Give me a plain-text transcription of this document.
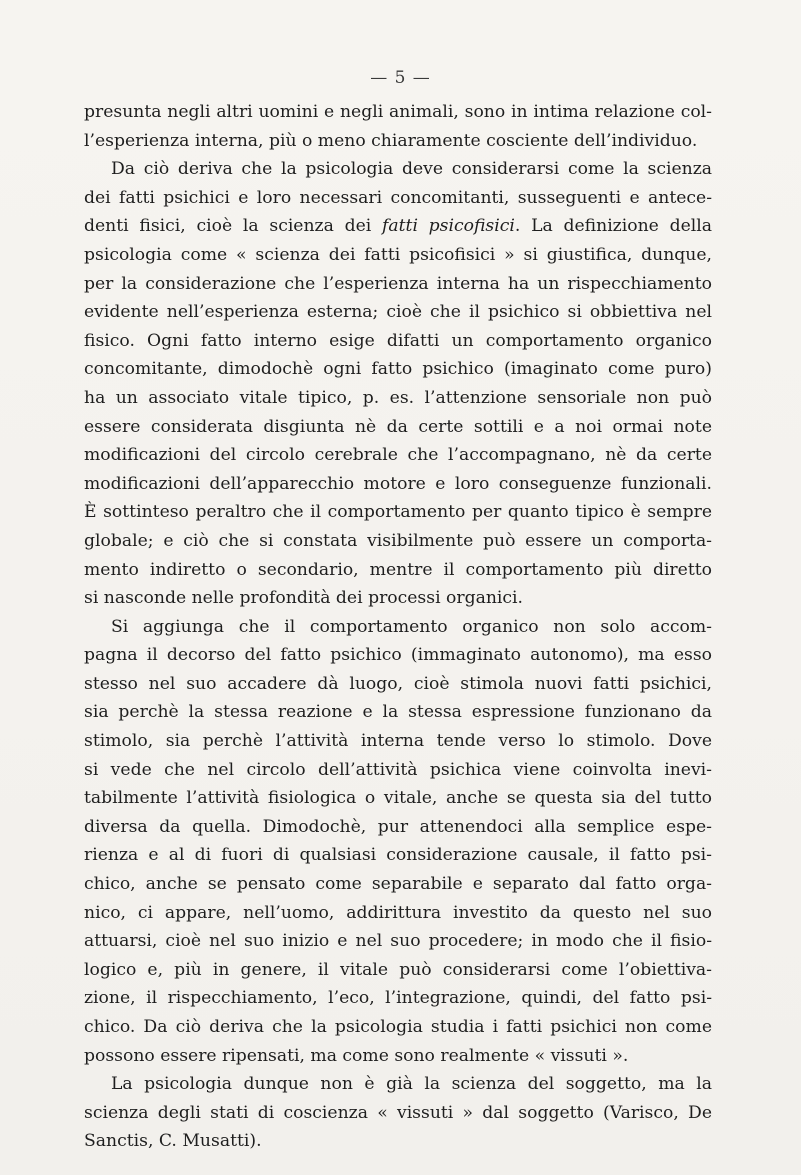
— 5 —
presunta negli altri uomini e negli animali, sono in intima relazione col-
l’esperienza interna, più o meno chiaramente cosciente dell’individuo.
Da ciò deriva che la psicologia deve considerarsi come la scienza
dei fatti psichici e loro necessari concomitanti, susseguenti e antece-
denti fisici, cioè la scienza dei fatti psicofisici. La definizione della
psicologia come « scienza dei fatti psicofisici » si giustifica, dunque,
per la considerazione che l’esperienza interna ha un rispecchiamento
evidente nell’esperienza esterna; cioè che il psichico si obbiettiva nel
fisico. Ogni fatto interno esige difatti un comportamento organico
concomitante, dimodochè ogni fatto psichico (imaginato come puro)
ha un associato vitale tipico, p. es. l’attenzione sensoriale non può
essere considerata disgiunta nè da certe sottili e a noi ormai note
modificazioni del circolo cerebrale che l’accompagnano, nè da certe
modificazioni dell’apparecchio motore e loro conseguenze funzionali.
È sottinteso peraltro che il comportamento per quanto tipico è sempre
globale; e ciò che si constata visibilmente può essere un comporta-
mento indiretto o secondario, mentre il comportamento più diretto
si nasconde nelle profondità dei processi organici.
Si aggiunga che il comportamento organico non solo accom-
pagna il decorso del fatto psichico (immaginato autonomo), ma esso
stesso nel suo accadere dà luogo, cioè stimola nuovi fatti psichici,
sia perchè la stessa reazione e la stessa espressione funzionano da
stimolo, sia perchè l’attività interna tende verso lo stimolo. Dove
si vede che nel circolo dell’attività psichica viene coinvolta inevi-
tabilmente l’attività fisiologica o vitale, anche se questa sia del tutto
diversa da quella. Dimodochè, pur attenendoci alla semplice espe-
rienza e al di fuori di qualsiasi considerazione causale, il fatto psi-
chico, anche se pensato come separabile e separato dal fatto orga-
nico, ci appare, nell’uomo, addirittura investito da questo nel suo
attuarsi, cioè nel suo inizio e nel suo procedere; in modo che il fisio-
logico e, più in genere, il vitale può considerarsi come l’obiettiva-
zione, il rispecchiamento, l’eco, l’integrazione, quindi, del fatto psi-
chico. Da ciò deriva che la psicologia studia i fatti psichici non come
possono essere ripensati, ma come sono realmente « vissuti ».
La psicologia dunque non è già la scienza del soggetto, ma la
scienza degli stati di coscienza « vissuti » dal soggetto (Varisco, De
Sanctis, C. Musatti).
